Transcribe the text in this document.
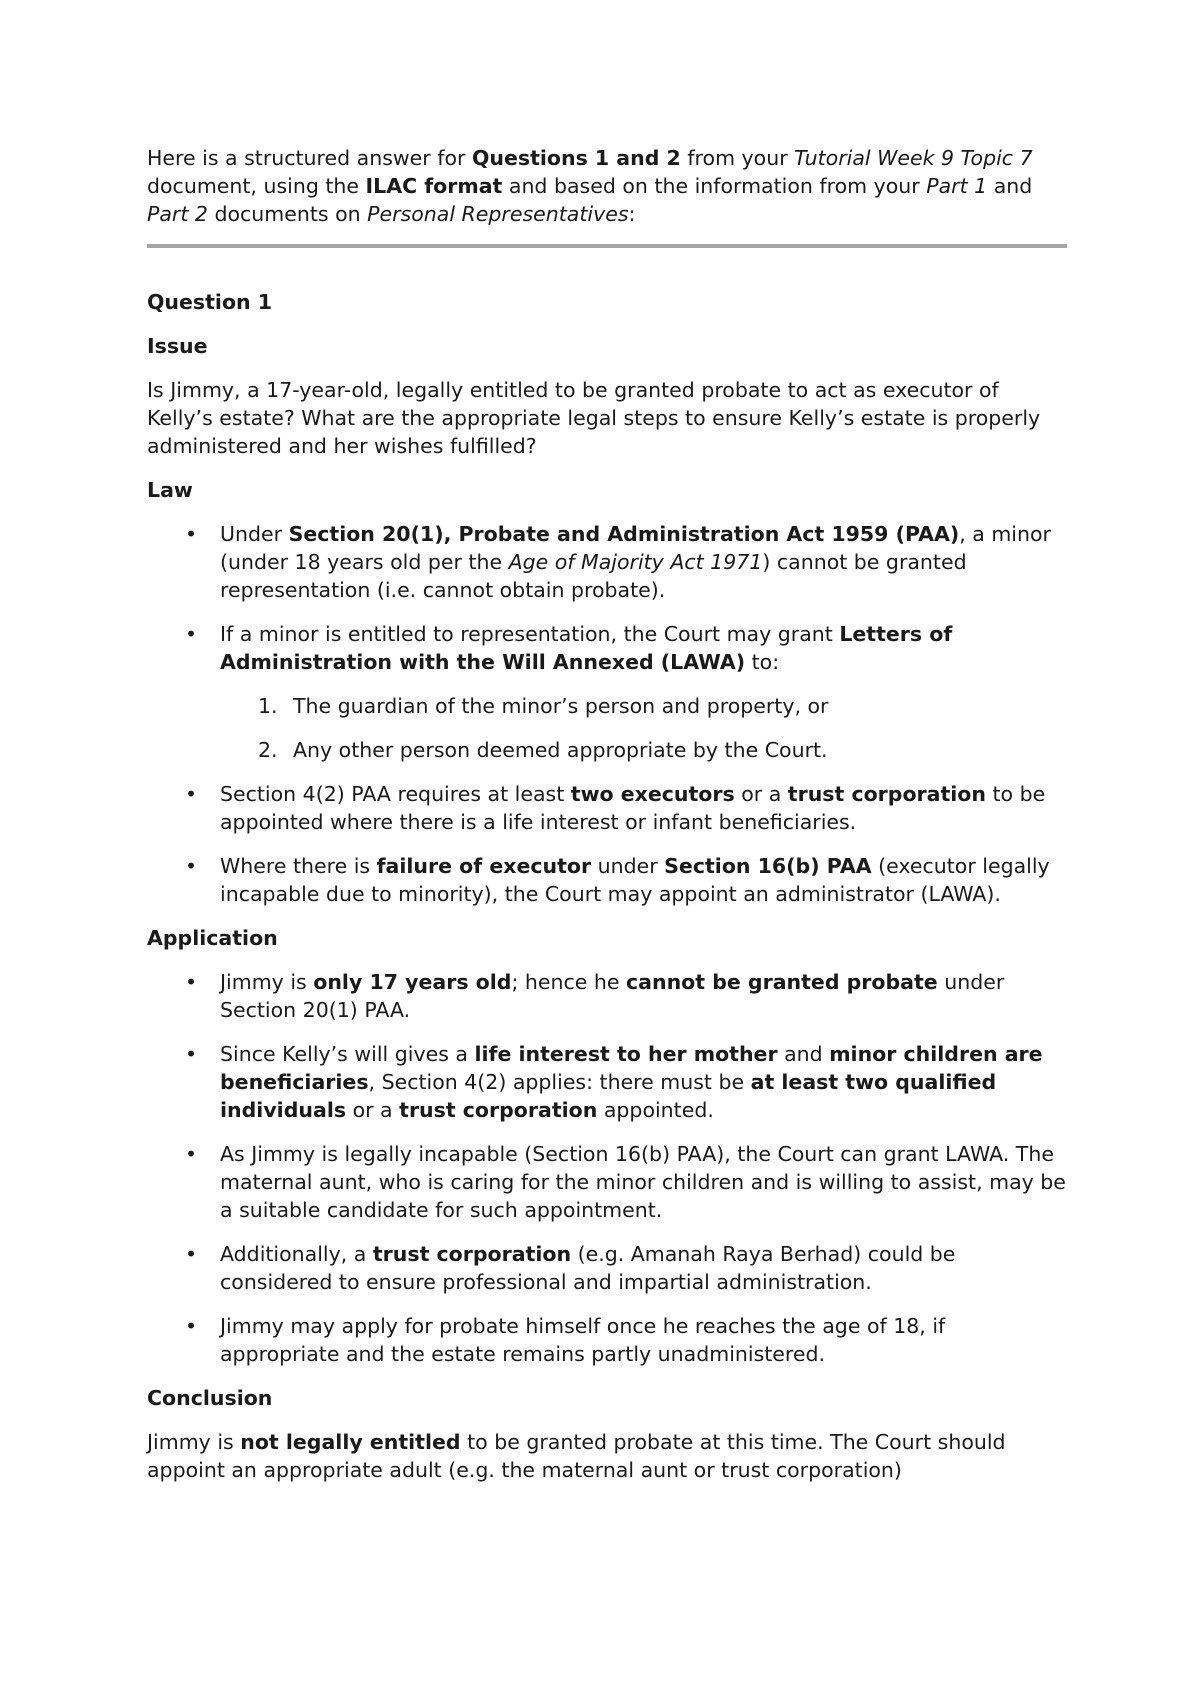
Here is a structured answer for Questions 1 and 2 from your Tutorial Week 9 Topic 7 document, using the ILAC format and based on the information from your Part 1 and Part 2 documents on Personal Representatives:

Question 1

Issue

Is Jimmy, a 17-year-old, legally entitled to be granted probate to act as executor of Kelly’s estate? What are the appropriate legal steps to ensure Kelly’s estate is properly administered and her wishes fulfilled?

Law

• Under Section 20(1), Probate and Administration Act 1959 (PAA), a minor (under 18 years old per the Age of Majority Act 1971) cannot be granted representation (i.e. cannot obtain probate).
• If a minor is entitled to representation, the Court may grant Letters of Administration with the Will Annexed (LAWA) to:
1. The guardian of the minor’s person and property, or
2. Any other person deemed appropriate by the Court.
• Section 4(2) PAA requires at least two executors or a trust corporation to be appointed where there is a life interest or infant beneficiaries.
• Where there is failure of executor under Section 16(b) PAA (executor legally incapable due to minority), the Court may appoint an administrator (LAWA).

Application

• Jimmy is only 17 years old; hence he cannot be granted probate under Section 20(1) PAA.
• Since Kelly’s will gives a life interest to her mother and minor children are beneficiaries, Section 4(2) applies: there must be at least two qualified individuals or a trust corporation appointed.
• As Jimmy is legally incapable (Section 16(b) PAA), the Court can grant LAWA. The maternal aunt, who is caring for the minor children and is willing to assist, may be a suitable candidate for such appointment.
• Additionally, a trust corporation (e.g. Amanah Raya Berhad) could be considered to ensure professional and impartial administration.
• Jimmy may apply for probate himself once he reaches the age of 18, if appropriate and the estate remains partly unadministered.

Conclusion

Jimmy is not legally entitled to be granted probate at this time. The Court should appoint an appropriate adult (e.g. the maternal aunt or trust corporation)
